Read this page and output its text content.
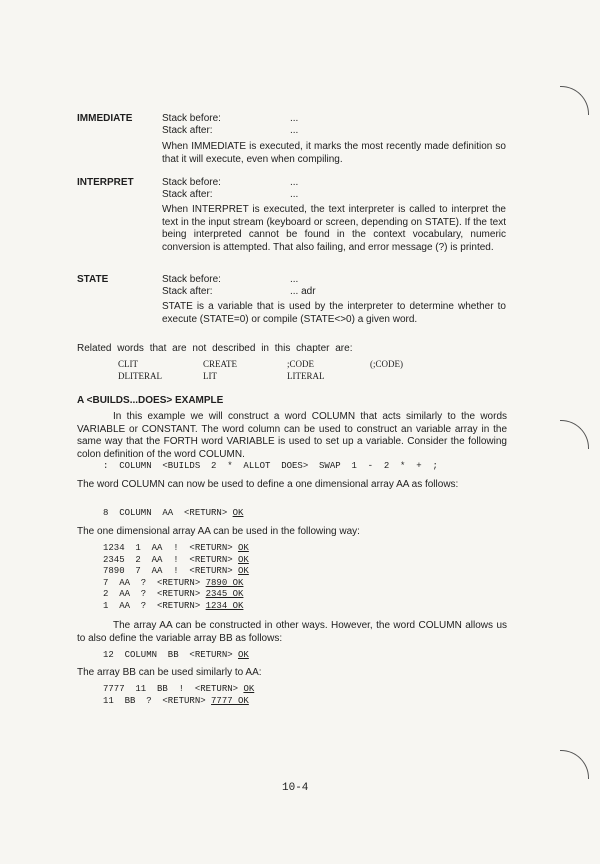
IMMEDIATE	Stack before:	...
Stack after:	...
When IMMEDIATE is executed, it marks the most recently made definition so that it will execute, even when compiling.
INTERPRET	Stack before:	...
Stack after:	...
When INTERPRET is executed, the text interpreter is called to interpret the text in the input stream (keyboard or screen, depending on STATE). If the text being interpreted cannot be found in the context vocabulary, numeric conversion is attempted. That also failing, and error message (?) is printed.
STATE	Stack before:	...
Stack after:	... adr
STATE is a variable that is used by the interpreter to determine whether to execute (STATE=0) or compile (STATE<>0) a given word.
Related words that are not described in this chapter are:
CLIT	CREATE	;CODE	(;CODE)
DLITERAL	LIT	LITERAL
A <BUILDS...DOES> EXAMPLE
In this example we will construct a word COLUMN that acts similarly to the words VARIABLE or CONSTANT. The word column can be used to construct an variable array in the same way that the FORTH word VARIABLE is used to set up a variable. Consider the following colon definition of the word COLUMN.
:  COLUMN  <BUILDS  2  *  ALLOT  DOES>  SWAP  1  -  2  *  +  ;
The word COLUMN can now be used to define a one dimensional array AA as follows:
8  COLUMN  AA  <RETURN> OK
The one dimensional array AA can be used in the following way:
1234  1  AA  !  <RETURN> OK
2345  2  AA  !  <RETURN> OK
7890  7  AA  !  <RETURN> OK
7  AA  ?  <RETURN> 7890 OK
2  AA  ?  <RETURN> 2345 OK
1  AA  ?  <RETURN> 1234 OK
The array AA can be constructed in other ways. However, the word COLUMN allows us to also define the variable array BB as follows:
12  COLUMN  BB  <RETURN> OK
The array BB can be used similarly to AA:
7777  11  BB  !  <RETURN> OK
11  BB  ?  <RETURN> 7777 OK
10-4
